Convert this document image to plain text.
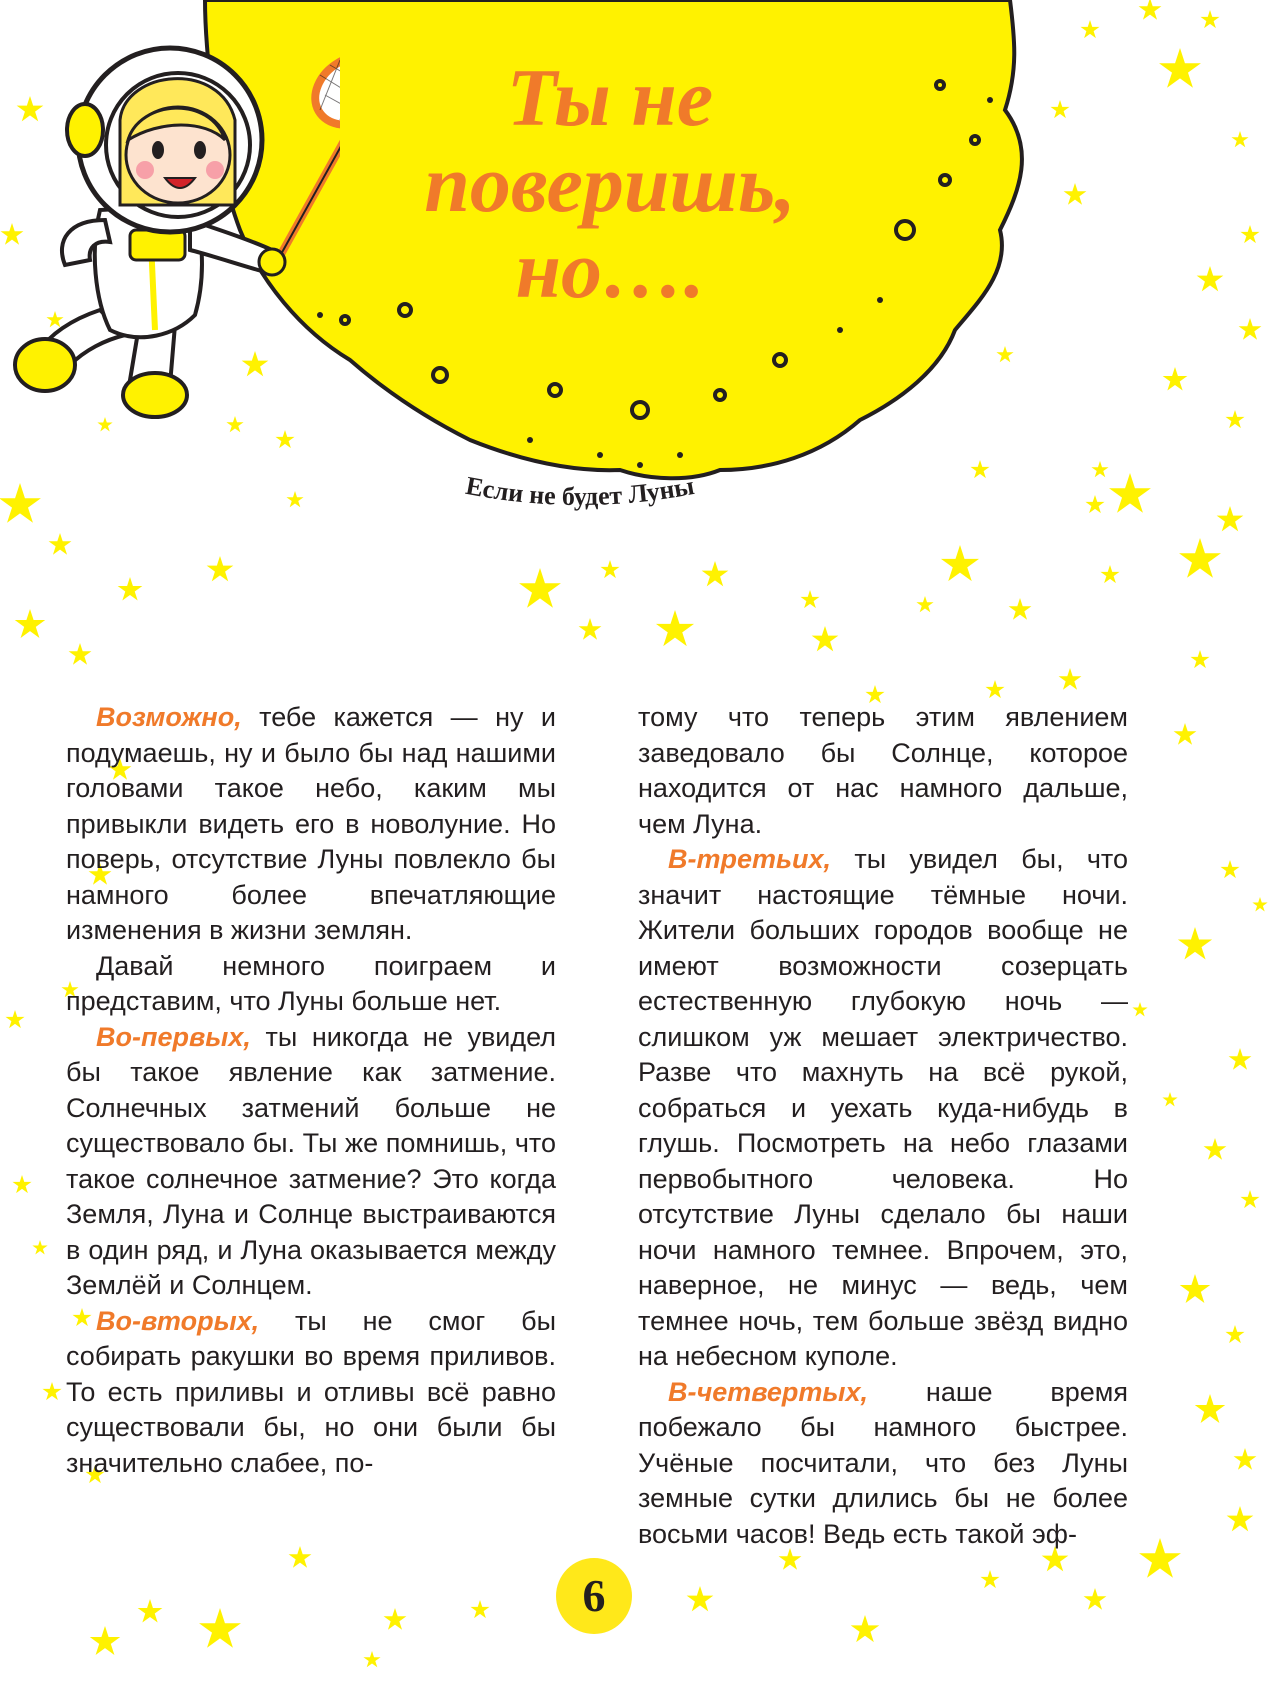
Ты не
поверишь,
но….
Если не будет Луны

Возможно, тебе кажется — ну и подумаешь, ну и было бы над нашими головами такое небо, каким мы привыкли видеть его в новолуние. Но поверь, отсутствие Луны повлекло бы намного более впечатляющие изменения в жизни землян.

Давай немного поиграем и представим, что Луны больше нет.

Во-первых, ты никогда не увидел бы такое явление как затмение. Солнечных затмений больше не существовало бы. Ты же помнишь, что такое солнечное затмение? Это когда Земля, Луна и Солнце выстраиваются в один ряд, и Луна оказывается между Землёй и Солнцем.

Во-вторых, ты не смог бы собирать ракушки во время приливов. То есть приливы и отливы всё равно существовали бы, но они были бы значительно слабее, по-

тому что теперь этим явлением заведовало бы Солнце, которое находится от нас намного дальше, чем Луна.

В-третьих, ты увидел бы, что значит настоящие тёмные ночи. Жители больших городов вообще не имеют возможности созерцать естественную глубокую ночь — слишком уж мешает электричество. Разве что махнуть на всё рукой, собраться и уехать куда-нибудь в глушь. Посмотреть на небо глазами первобытного человека. Но отсутствие Луны сделало бы наши ночи намного темнее. Впрочем, это, наверное, не минус — ведь, чем темнее ночь, тем больше звёзд видно на небесном куполе.

В-четвертых, наше время побежало бы намного быстрее. Учёные посчитали, что без Луны земные сутки длились бы не более восьми часов! Ведь есть такой эф-

6
